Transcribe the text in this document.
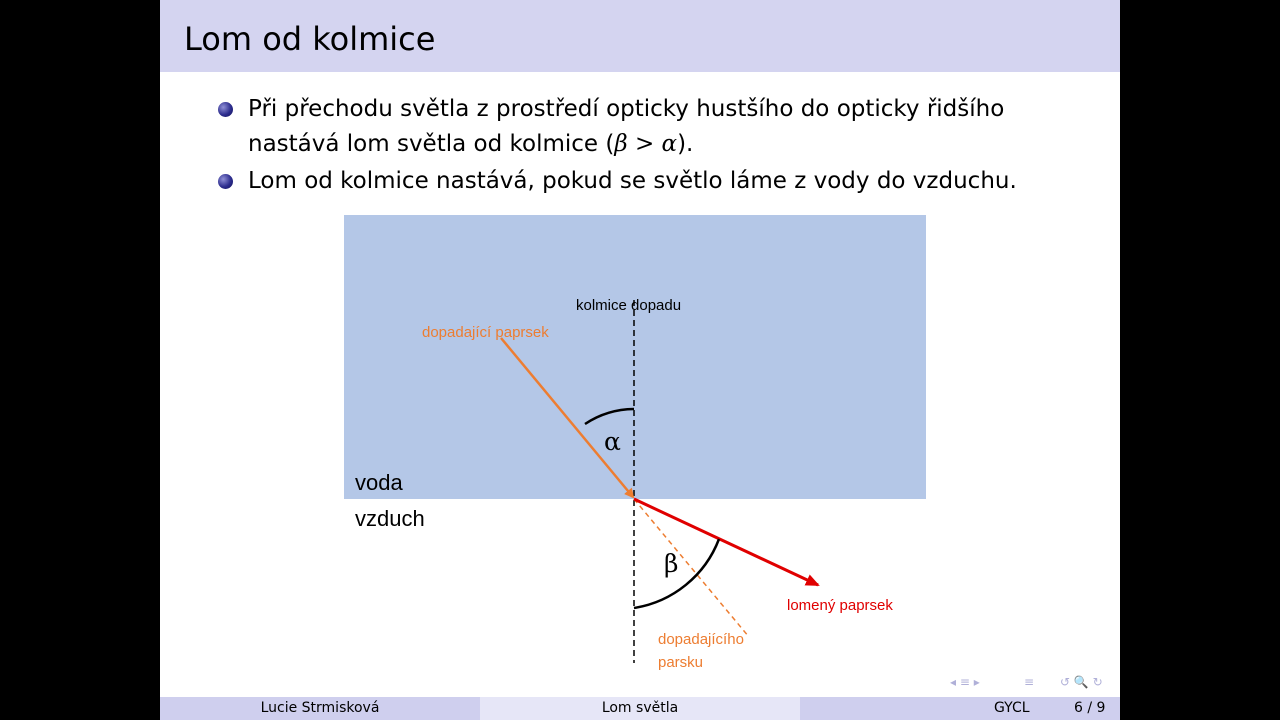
Lom od kolmice
Při přechodu světla z prostředí opticky hustšího do opticky řidšího nastává lom světla od kolmice (β > α).
Lom od kolmice nastává, pokud se světlo láme z vody do vzduchu.
kolmice dopadu
dopadající paprsek
α
voda
vzduch
β
lomený paprsek
dopadajícího
parsku
◂ ≡ ▸	≡ ↺ 🔍 ↻
Lucie Strmisková	Lom světla	GYCL	6 / 9
